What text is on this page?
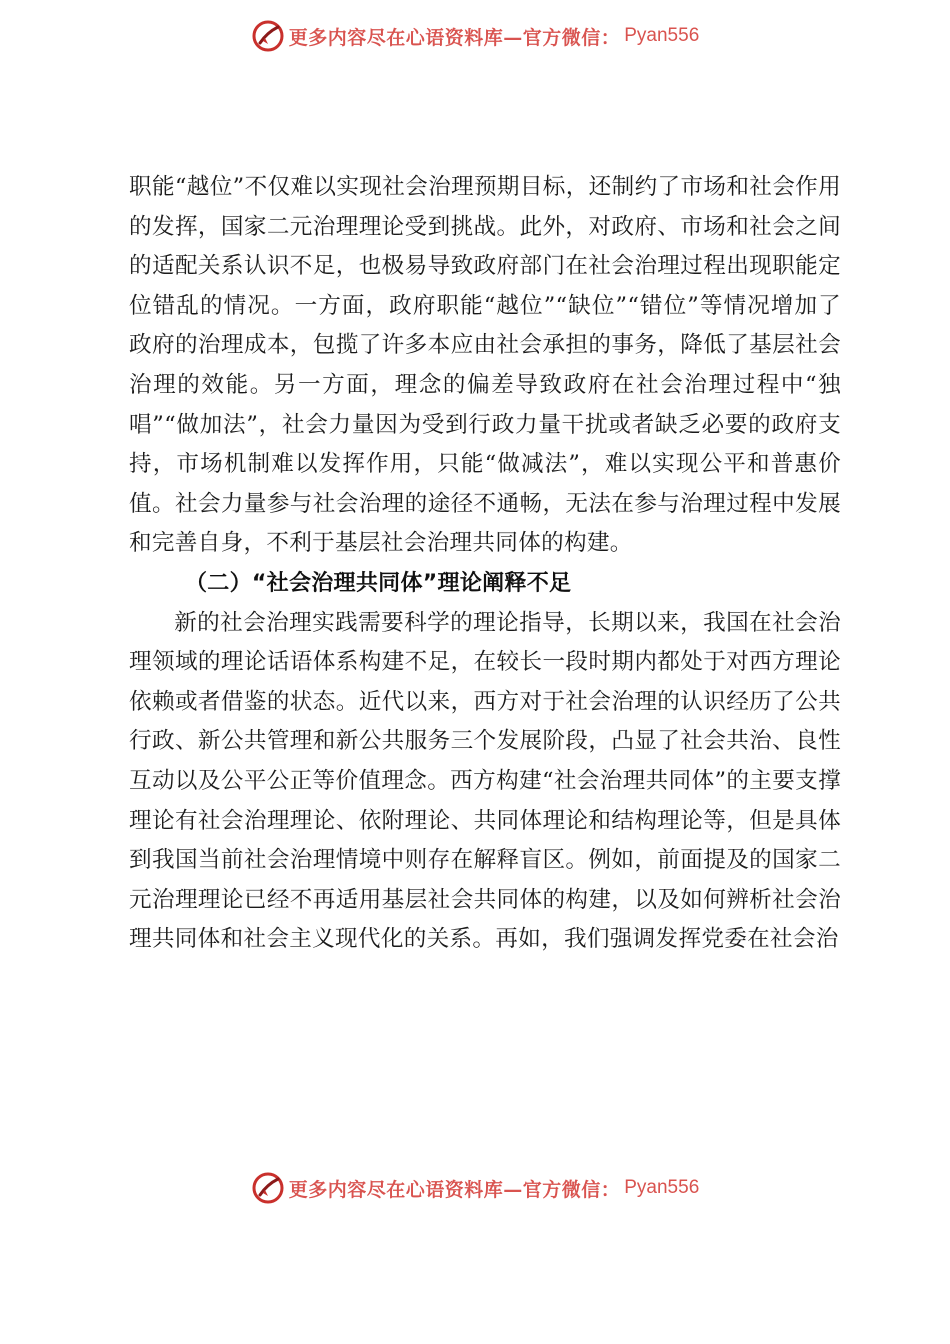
更多内容尽在心语资料库—官方微信： Pyan556

职能“越位”不仅难以实现社会治理预期目标，还制约了市场和社会作用的发挥，国家二元治理理论受到挑战。此外，对政府、市场和社会之间的适配关系认识不足，也极易导致政府部门在社会治理过程出现职能定位错乱的情况。一方面，政府职能“越位”“缺位”“错位”等情况增加了政府的治理成本，包揽了许多本应由社会承担的事务，降低了基层社会治理的效能。另一方面，理念的偏差导致政府在社会治理过程中“独唱”“做加法”，社会力量因为受到行政力量干扰或者缺乏必要的政府支持，市场机制难以发挥作用，只能“做减法”，难以实现公平和普惠价值。社会力量参与社会治理的途径不通畅，无法在参与治理过程中发展和完善自身，不利于基层社会治理共同体的构建。

（二）“社会治理共同体”理论阐释不足

新的社会治理实践需要科学的理论指导，长期以来，我国在社会治理领域的理论话语体系构建不足，在较长一段时期内都处于对西方理论依赖或者借鉴的状态。近代以来，西方对于社会治理的认识经历了公共行政、新公共管理和新公共服务三个发展阶段，凸显了社会共治、良性互动以及公平公正等价值理念。西方构建“社会治理共同体”的主要支撑理论有社会治理理论、依附理论、共同体理论和结构理论等，但是具体到我国当前社会治理情境中则存在解释盲区。例如，前面提及的国家二元治理理论已经不再适用基层社会共同体的构建，以及如何辨析社会治理共同体和社会主义现代化的关系。再如，我们强调发挥党委在社会治

更多内容尽在心语资料库—官方微信： Pyan556
